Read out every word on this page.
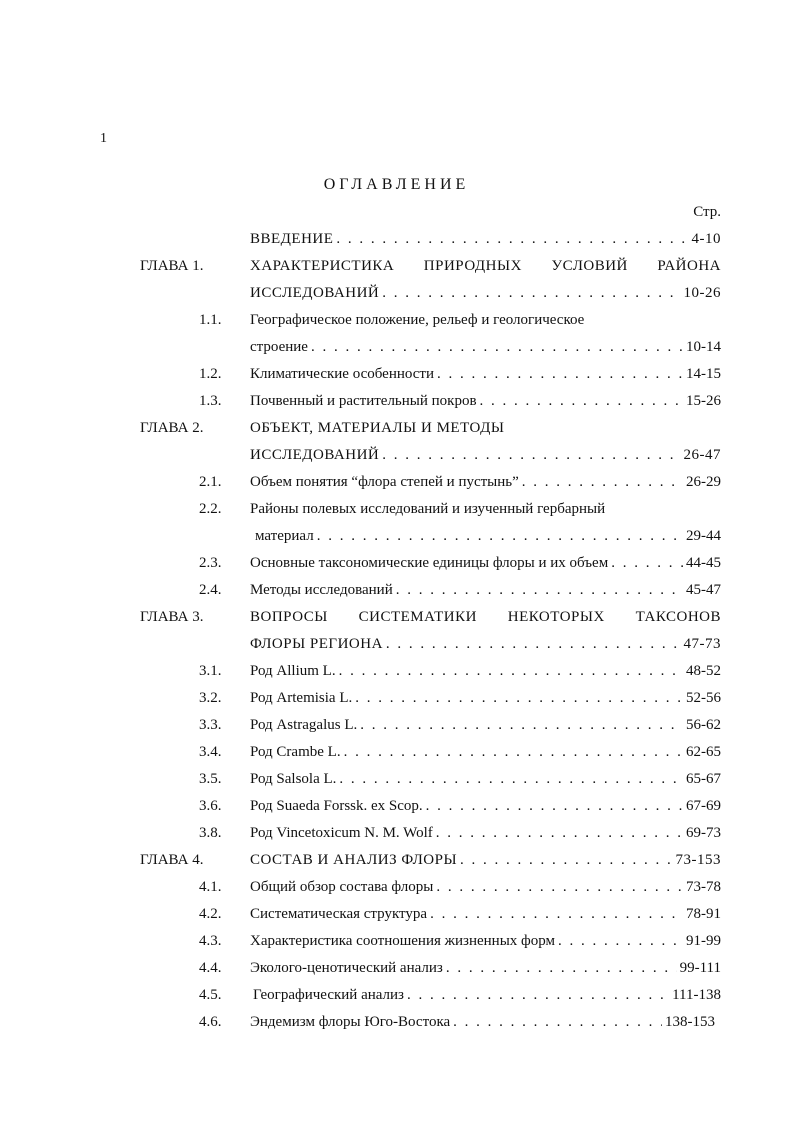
1
ОГЛАВЛЕНИЕ
Стр.
ВВЕДЕНИЕ . . .	4-10
ГЛАВА 1.	ХАРАКТЕРИСТИКА ПРИРОДНЫХ УСЛОВИЙ РАЙОНА
ИССЛЕДОВАНИЙ . . .	10-26
1.1. Географическое положение, рельеф и геологическое
строение . . .	10-14
1.2. Климатические особенности . . .	14-15
1.3. Почвенный и растительный покров . . .	15-26
ГЛАВА 2.	ОБЪЕКТ, МАТЕРИАЛЫ И МЕТОДЫ
ИССЛЕДОВАНИЙ . . .	26-47
2.1. Объем понятия “флора степей и пустынь” . . .	26-29
2.2. Районы полевых исследований и изученный гербарный
материал . . .	29-44
2.3. Основные таксономические единицы флоры и их объем . . .	44-45
2.4. Методы исследований . . .	45-47
ГЛАВА 3.	ВОПРОСЫ СИСТЕМАТИКИ НЕКОТОРЫХ ТАКСОНОВ
ФЛОРЫ РЕГИОНА . . .	47-73
3.1. Род Allium L. . . .	48-52
3.2. Род Artemisia L. . . .	52-56
3.3. Род Astragalus L. . . .	56-62
3.4. Род Crambe L. . . .	62-65
3.5. Род Salsola L. . . .	65-67
3.6. Род Suaeda Forssk. ex Scop. . . .	67-69
3.8. Род Vincetoxicum N. M. Wolf . . .	69-73
ГЛАВА 4.	СОСТАВ И АНАЛИЗ ФЛОРЫ . . .	73-153
4.1. Общий обзор состава флоры . . .	73-78
4.2. Систематическая структура . . .	78-91
4.3. Характеристика соотношения жизненных форм . . .	91-99
4.4. Эколого-ценотический анализ . . .	99-111
4.5. Географический анализ . . .	111-138
4.6. Эндемизм флоры Юго-Востока . . .	138-153
